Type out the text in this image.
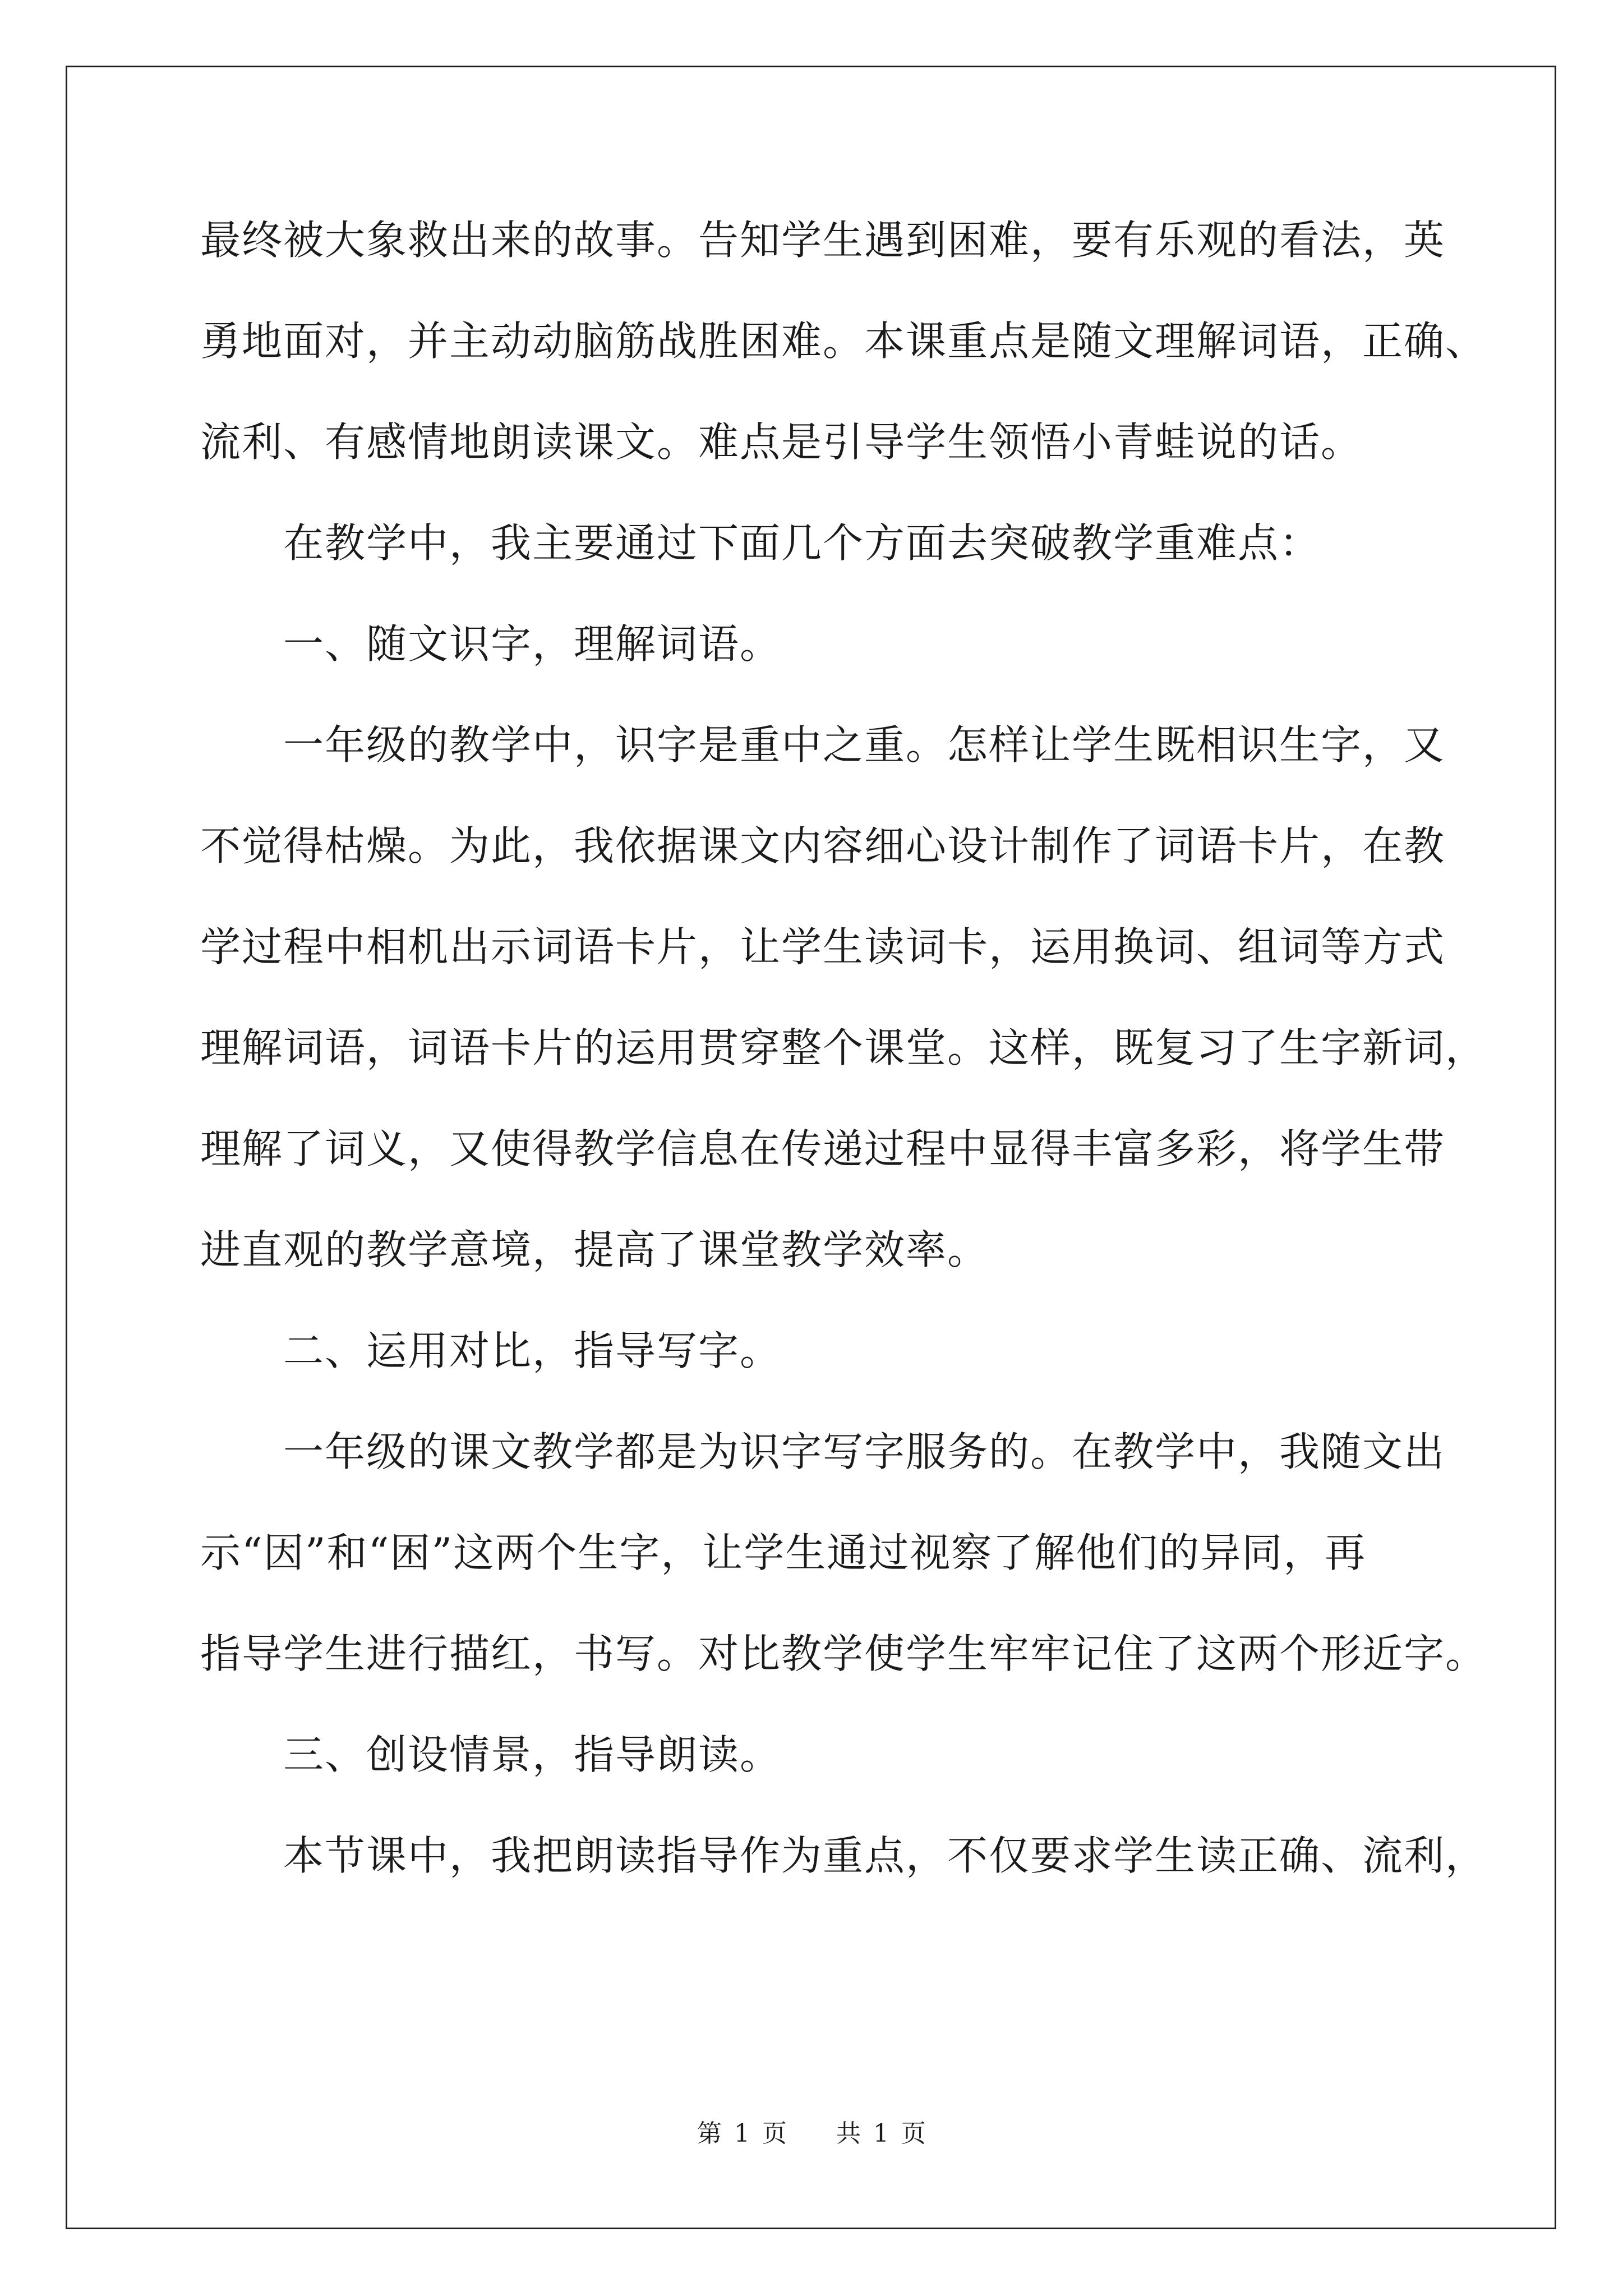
最终被大象救出来的故事。告知学生遇到困难，要有乐观的看法，英

勇地面对，并主动动脑筋战胜困难。本课重点是随文理解词语，正确、

流利、有感情地朗读课文。难点是引导学生领悟小青蛙说的话。

在教学中，我主要通过下面几个方面去突破教学重难点：

一、随文识字，理解词语。

一年级的教学中，识字是重中之重。怎样让学生既相识生字，又

不觉得枯燥。为此，我依据课文内容细心设计制作了词语卡片，在教

学过程中相机出示词语卡片，让学生读词卡，运用换词、组词等方式

理解词语，词语卡片的运用贯穿整个课堂。这样，既复习了生字新词，

理解了词义，又使得教学信息在传递过程中显得丰富多彩，将学生带

进直观的教学意境，提高了课堂教学效率。

二、运用对比，指导写字。

一年级的课文教学都是为识字写字服务的。在教学中，我随文出

示“因”和“困”这两个生字，让学生通过视察了解他们的异同，再

指导学生进行描红，书写。对比教学使学生牢牢记住了这两个形近字。

三、创设情景，指导朗读。

本节课中，我把朗读指导作为重点，不仅要求学生读正确、流利，

第 1 页 共 1 页
